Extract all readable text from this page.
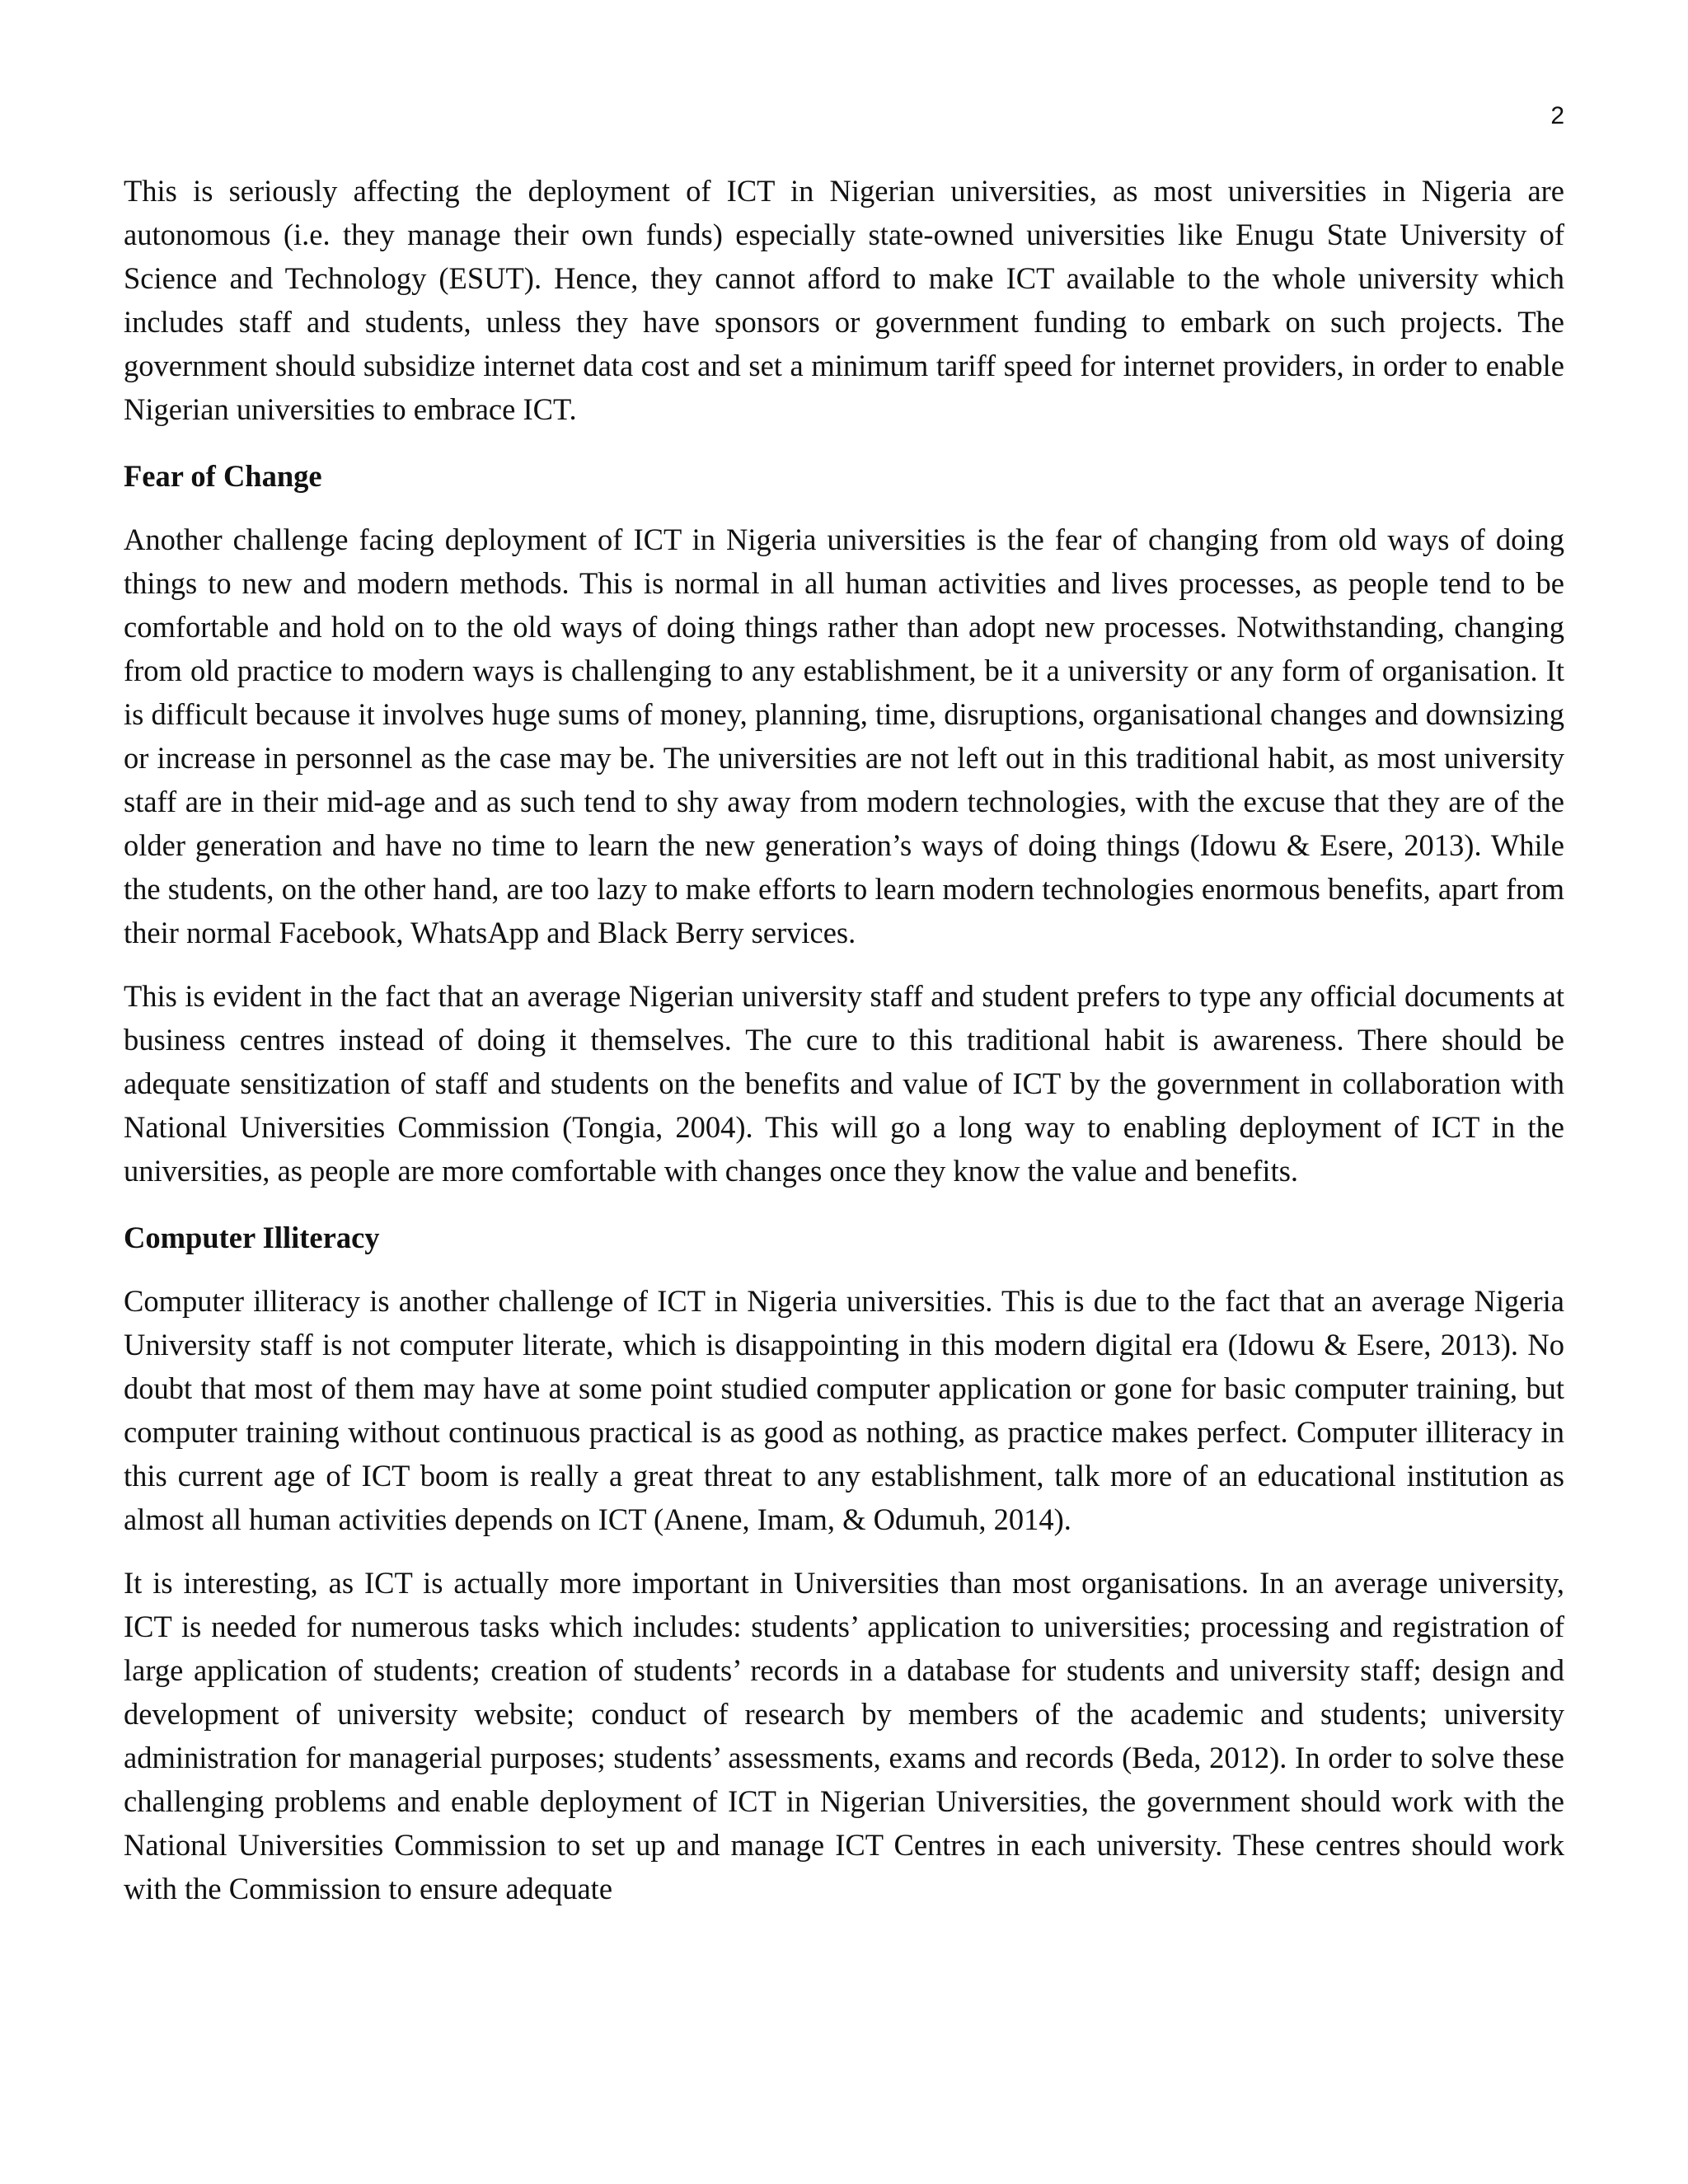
2

This is seriously affecting the deployment of ICT in Nigerian universities, as most universities in Nigeria are autonomous (i.e. they manage their own funds) especially state-owned universities like Enugu State University of Science and Technology (ESUT). Hence, they cannot afford to make ICT available to the whole university which includes staff and students, unless they have sponsors or government funding to embark on such projects. The government should subsidize internet data cost and set a minimum tariff speed for internet providers, in order to enable Nigerian universities to embrace ICT.

Fear of Change

Another challenge facing deployment of ICT in Nigeria universities is the fear of changing from old ways of doing things to new and modern methods. This is normal in all human activities and lives processes, as people tend to be comfortable and hold on to the old ways of doing things rather than adopt new processes. Notwithstanding, changing from old practice to modern ways is challenging to any establishment, be it a university or any form of organisation. It is difficult because it involves huge sums of money, planning, time, disruptions, organisational changes and downsizing or increase in personnel as the case may be. The universities are not left out in this traditional habit, as most university staff are in their mid-age and as such tend to shy away from modern technologies, with the excuse that they are of the older generation and have no time to learn the new generation’s ways of doing things (Idowu & Esere, 2013). While the students, on the other hand, are too lazy to make efforts to learn modern technologies enormous benefits, apart from their normal Facebook, WhatsApp and Black Berry services.

This is evident in the fact that an average Nigerian university staff and student prefers to type any official documents at business centres instead of doing it themselves. The cure to this traditional habit is awareness. There should be adequate sensitization of staff and students on the benefits and value of ICT by the government in collaboration with National Universities Commission (Tongia, 2004). This will go a long way to enabling deployment of ICT in the universities, as people are more comfortable with changes once they know the value and benefits.

Computer Illiteracy

Computer illiteracy is another challenge of ICT in Nigeria universities. This is due to the fact that an average Nigeria University staff is not computer literate, which is disappointing in this modern digital era (Idowu & Esere, 2013). No doubt that most of them may have at some point studied computer application or gone for basic computer training, but computer training without continuous practical is as good as nothing, as practice makes perfect. Computer illiteracy in this current age of ICT boom is really a great threat to any establishment, talk more of an educational institution as almost all human activities depends on ICT (Anene, Imam, & Odumuh, 2014).

It is interesting, as ICT is actually more important in Universities than most organisations. In an average university, ICT is needed for numerous tasks which includes: students’ application to universities; processing and registration of large application of students; creation of students’ records in a database for students and university staff; design and development of university website; conduct of research by members of the academic and students; university administration for managerial purposes; students’ assessments, exams and records (Beda, 2012). In order to solve these challenging problems and enable deployment of ICT in Nigerian Universities, the government should work with the National Universities Commission to set up and manage ICT Centres in each university. These centres should work with the Commission to ensure adequate
